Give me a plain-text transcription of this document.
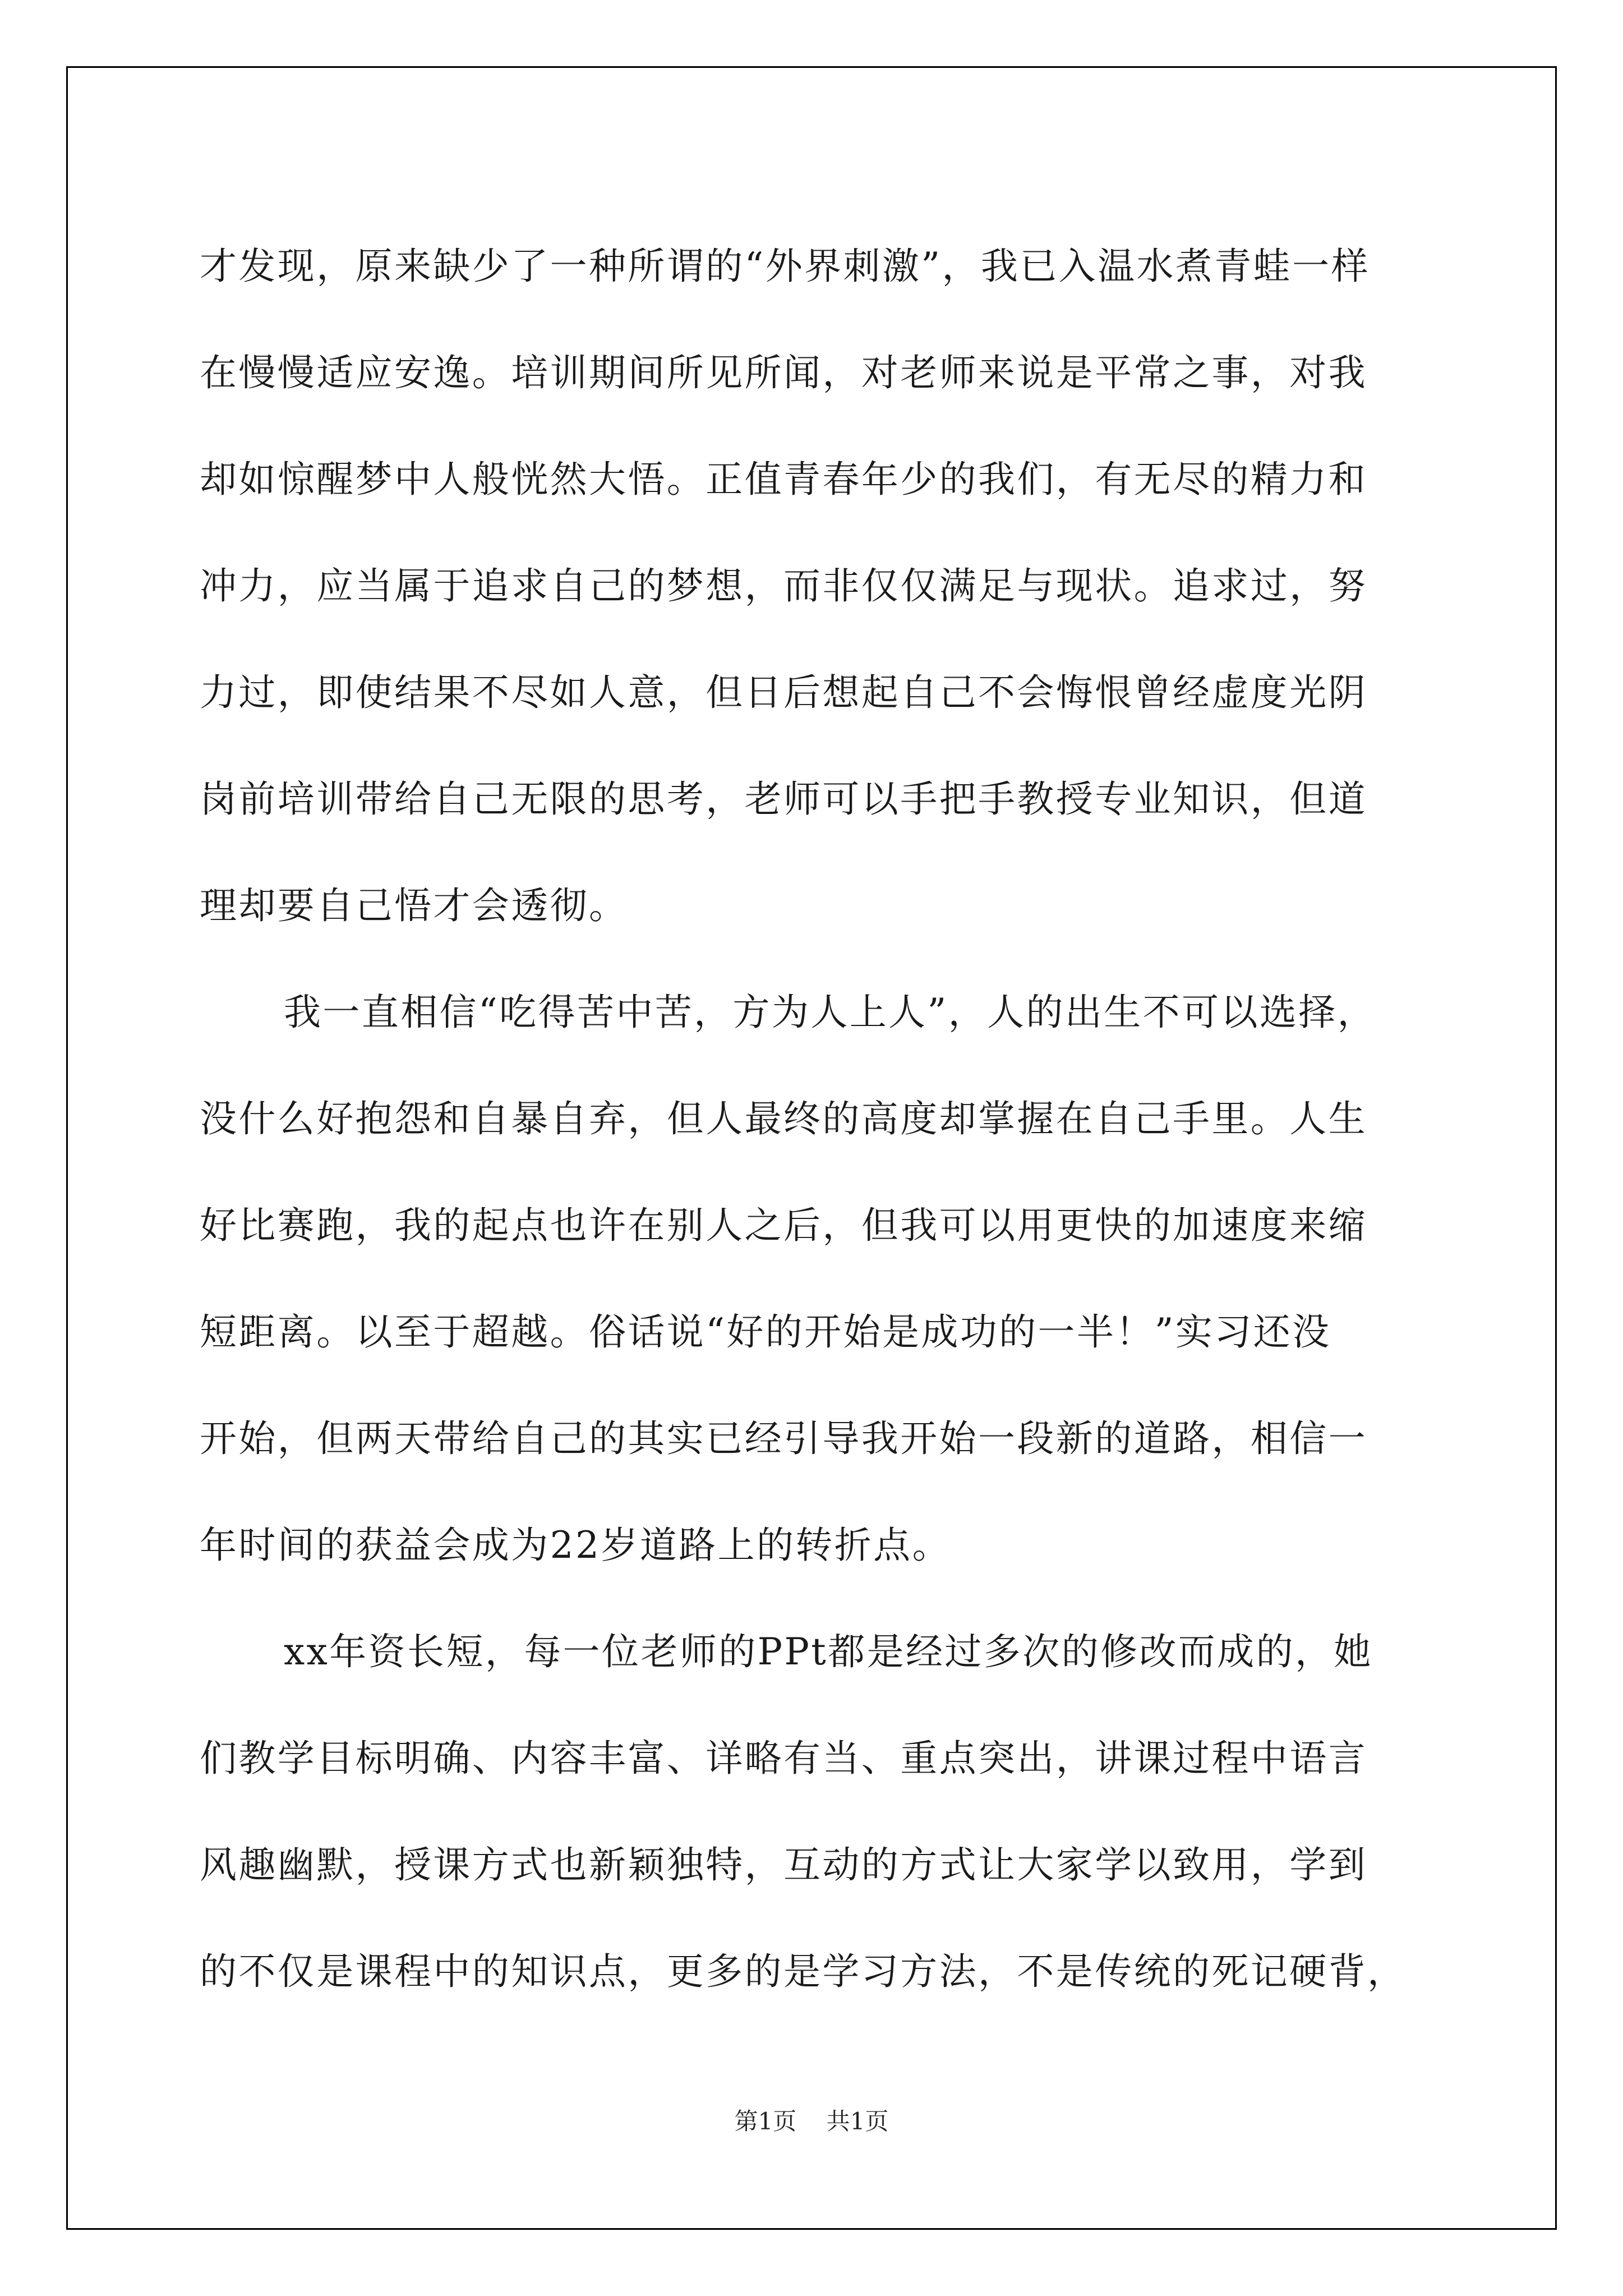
才发现，原来缺少了一种所谓的“外界刺激”，我已入温水煮青蛙一样
在慢慢适应安逸。培训期间所见所闻，对老师来说是平常之事，对我
却如惊醒梦中人般恍然大悟。正值青春年少的我们，有无尽的精力和
冲力，应当属于追求自己的梦想，而非仅仅满足与现状。追求过，努
力过，即使结果不尽如人意，但日后想起自己不会悔恨曾经虚度光阴
岗前培训带给自己无限的思考，老师可以手把手教授专业知识，但道
理却要自己悟才会透彻。
我一直相信“吃得苦中苦，方为人上人”，人的出生不可以选择，
没什么好抱怨和自暴自弃，但人最终的高度却掌握在自己手里。人生
好比赛跑，我的起点也许在别人之后，但我可以用更快的加速度来缩
短距离。以至于超越。俗话说“好的开始是成功的一半！”实习还没
开始，但两天带给自己的其实已经引导我开始一段新的道路，相信一
年时间的获益会成为22岁道路上的转折点。
xx年资长短，每一位老师的PPt都是经过多次的修改而成的，她
们教学目标明确、内容丰富、详略有当、重点突出，讲课过程中语言
风趣幽默，授课方式也新颖独特，互动的方式让大家学以致用，学到
的不仅是课程中的知识点，更多的是学习方法，不是传统的死记硬背，
第1页 共1页
